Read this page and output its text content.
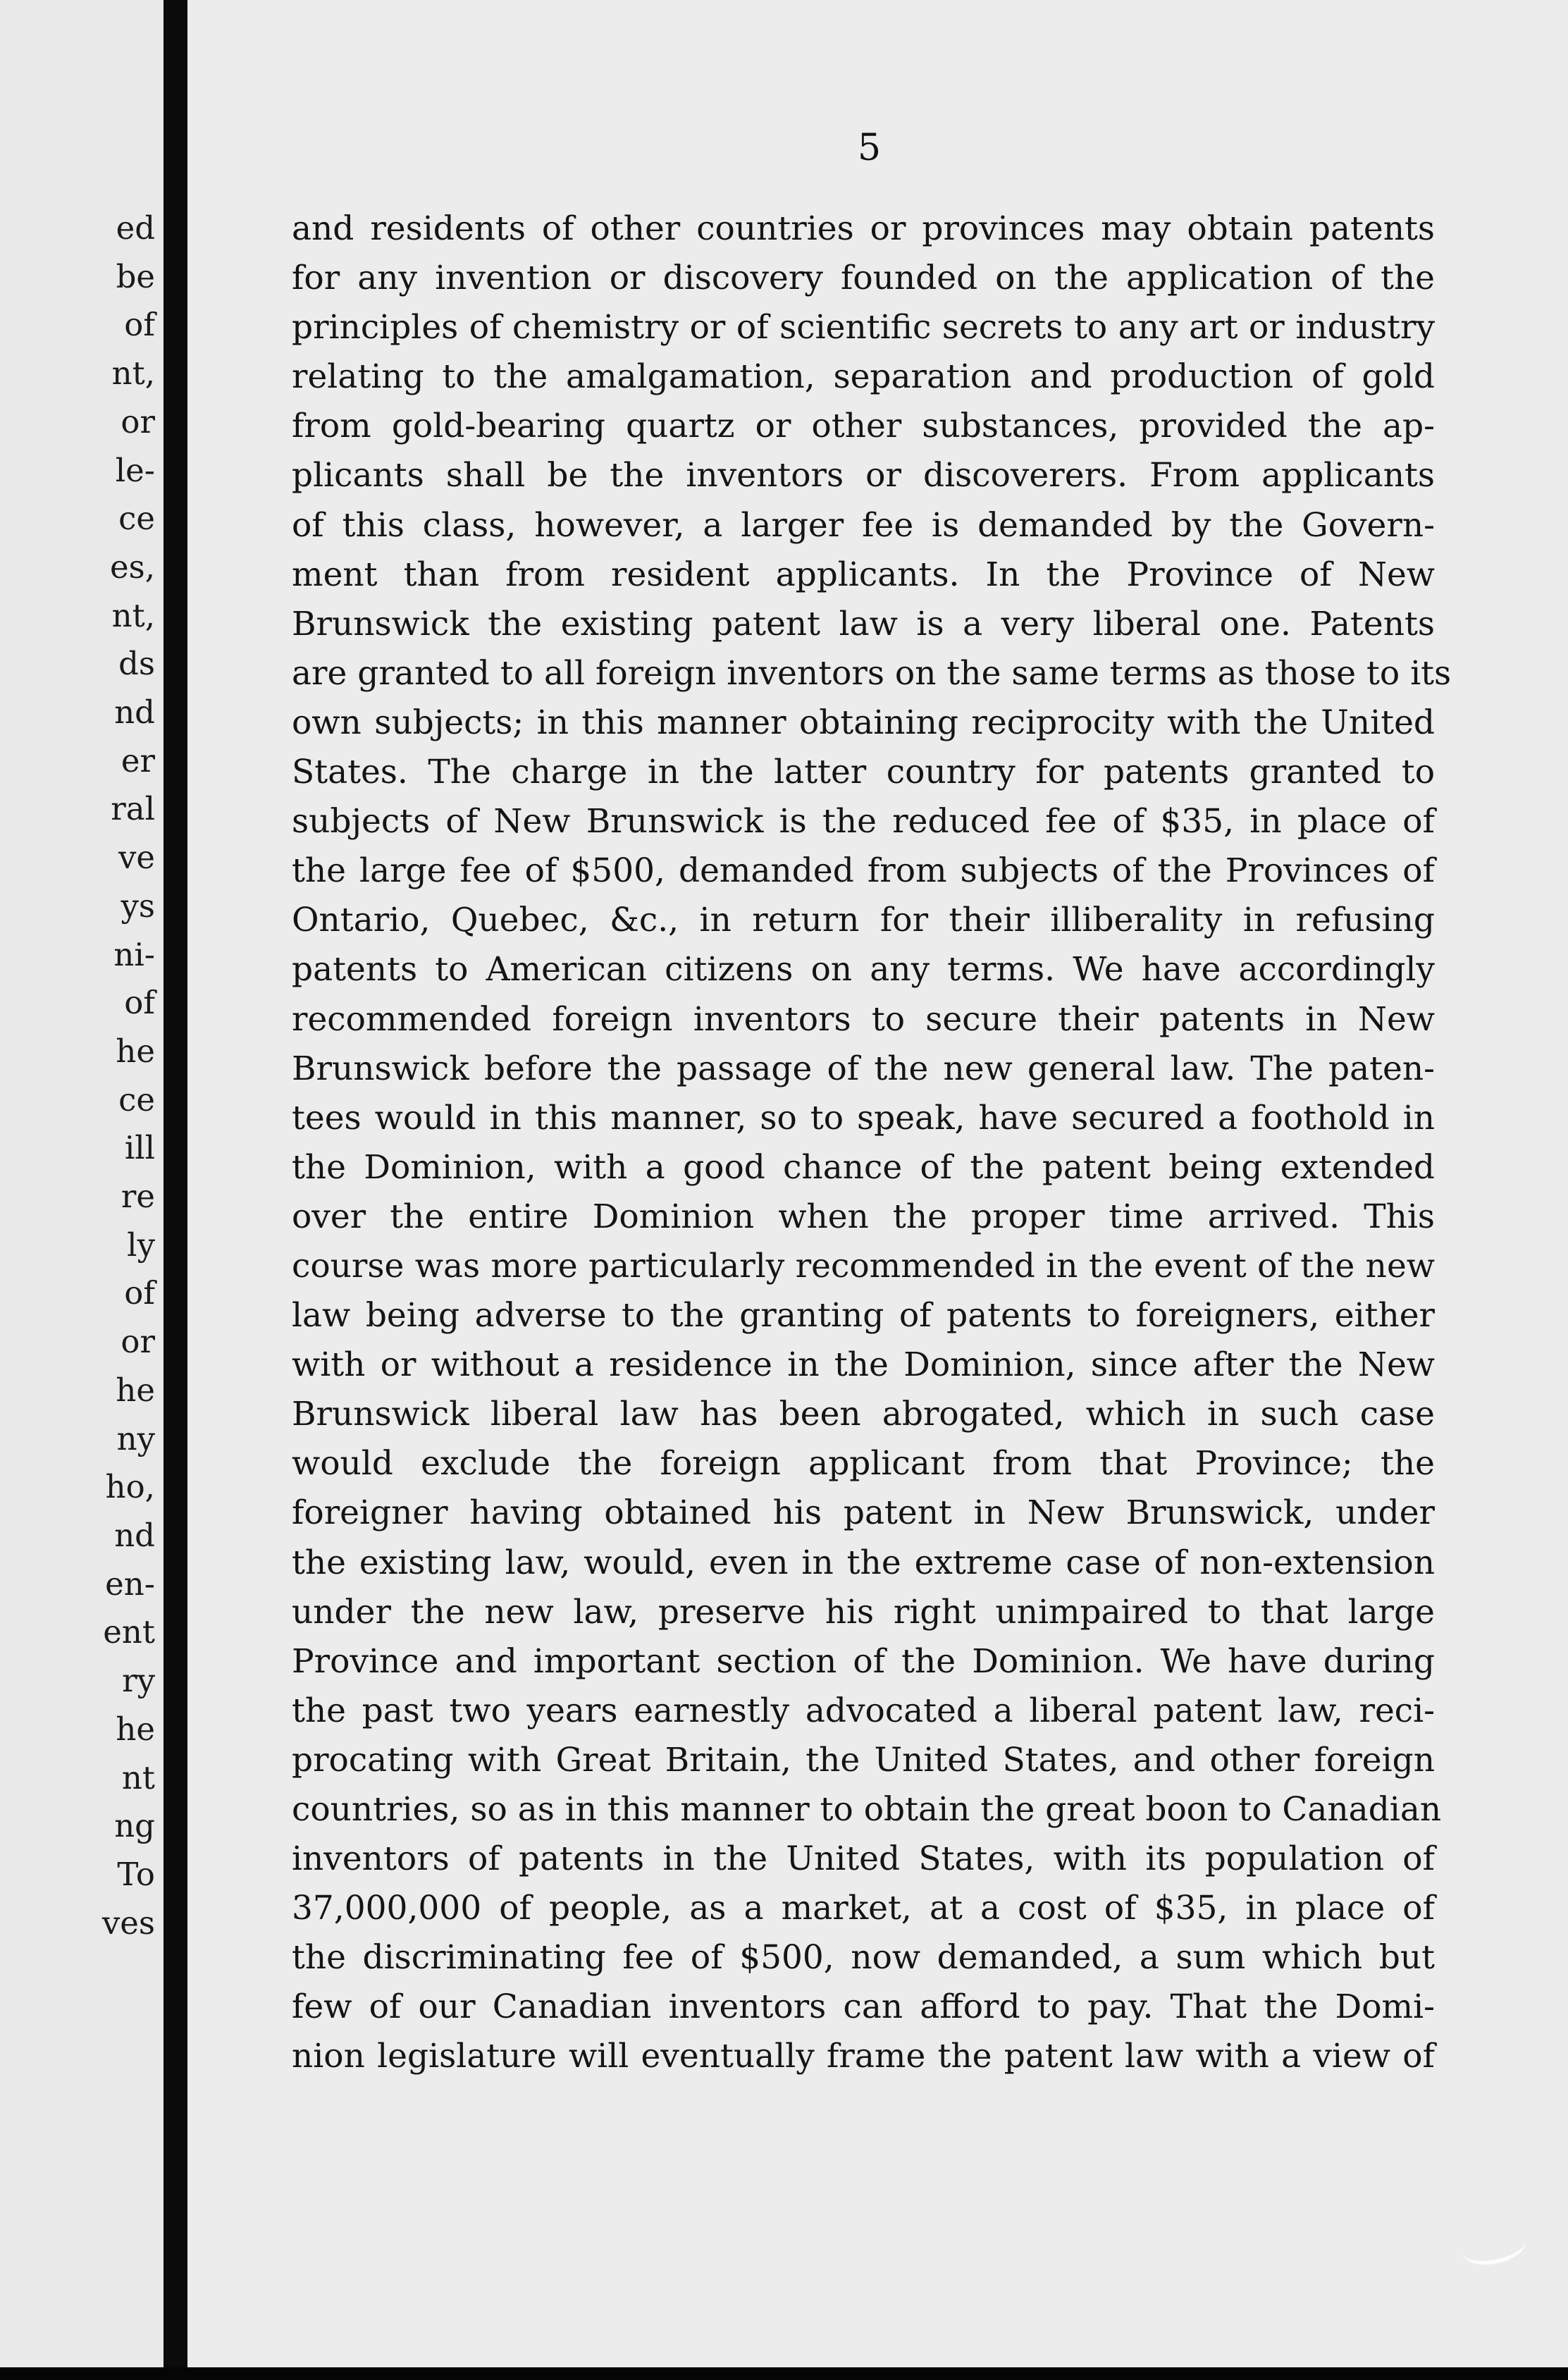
ed
be
of
nt,
or
le-
ce
es,
nt,
ds
nd
er
ral
ve
ys
ni-
of
he
ce
ill
re
ly
of
or
he
ny
ho,
nd
en-
ent
ry
he
nt
ng
To
ves
5
and residents of other countries or provinces may obtain patents
for any invention or discovery founded on the application of the
principles of chemistry or of scientific secrets to any art or industry
relating to the amalgamation, separation and production of gold
from gold-bearing quartz or other substances, provided the ap-
plicants shall be the inventors or discoverers. From applicants
of this class, however, a larger fee is demanded by the Govern-
ment than from resident applicants. In the Province of New
Brunswick the existing patent law is a very liberal one. Patents
are granted to all foreign inventors on the same terms as those to its
own subjects; in this manner obtaining reciprocity with the United
States. The charge in the latter country for patents granted to
subjects of New Brunswick is the reduced fee of $35, in place of
the large fee of $500, demanded from subjects of the Provinces of
Ontario, Quebec, &c., in return for their illiberality in refusing
patents to American citizens on any terms. We have accordingly
recommended foreign inventors to secure their patents in New
Brunswick before the passage of the new general law. The paten-
tees would in this manner, so to speak, have secured a foothold in
the Dominion, with a good chance of the patent being extended
over the entire Dominion when the proper time arrived. This
course was more particularly recommended in the event of the new
law being adverse to the granting of patents to foreigners, either
with or without a residence in the Dominion, since after the New
Brunswick liberal law has been abrogated, which in such case
would exclude the foreign applicant from that Province; the
foreigner having obtained his patent in New Brunswick, under
the existing law, would, even in the extreme case of non-extension
under the new law, preserve his right unimpaired to that large
Province and important section of the Dominion. We have during
the past two years earnestly advocated a liberal patent law, reci-
procating with Great Britain, the United States, and other foreign
countries, so as in this manner to obtain the great boon to Canadian
inventors of patents in the United States, with its population of
37,000,000 of people, as a market, at a cost of $35, in place of
the discriminating fee of $500, now demanded, a sum which but
few of our Canadian inventors can afford to pay. That the Domi-
nion legislature will eventually frame the patent law with a view of
